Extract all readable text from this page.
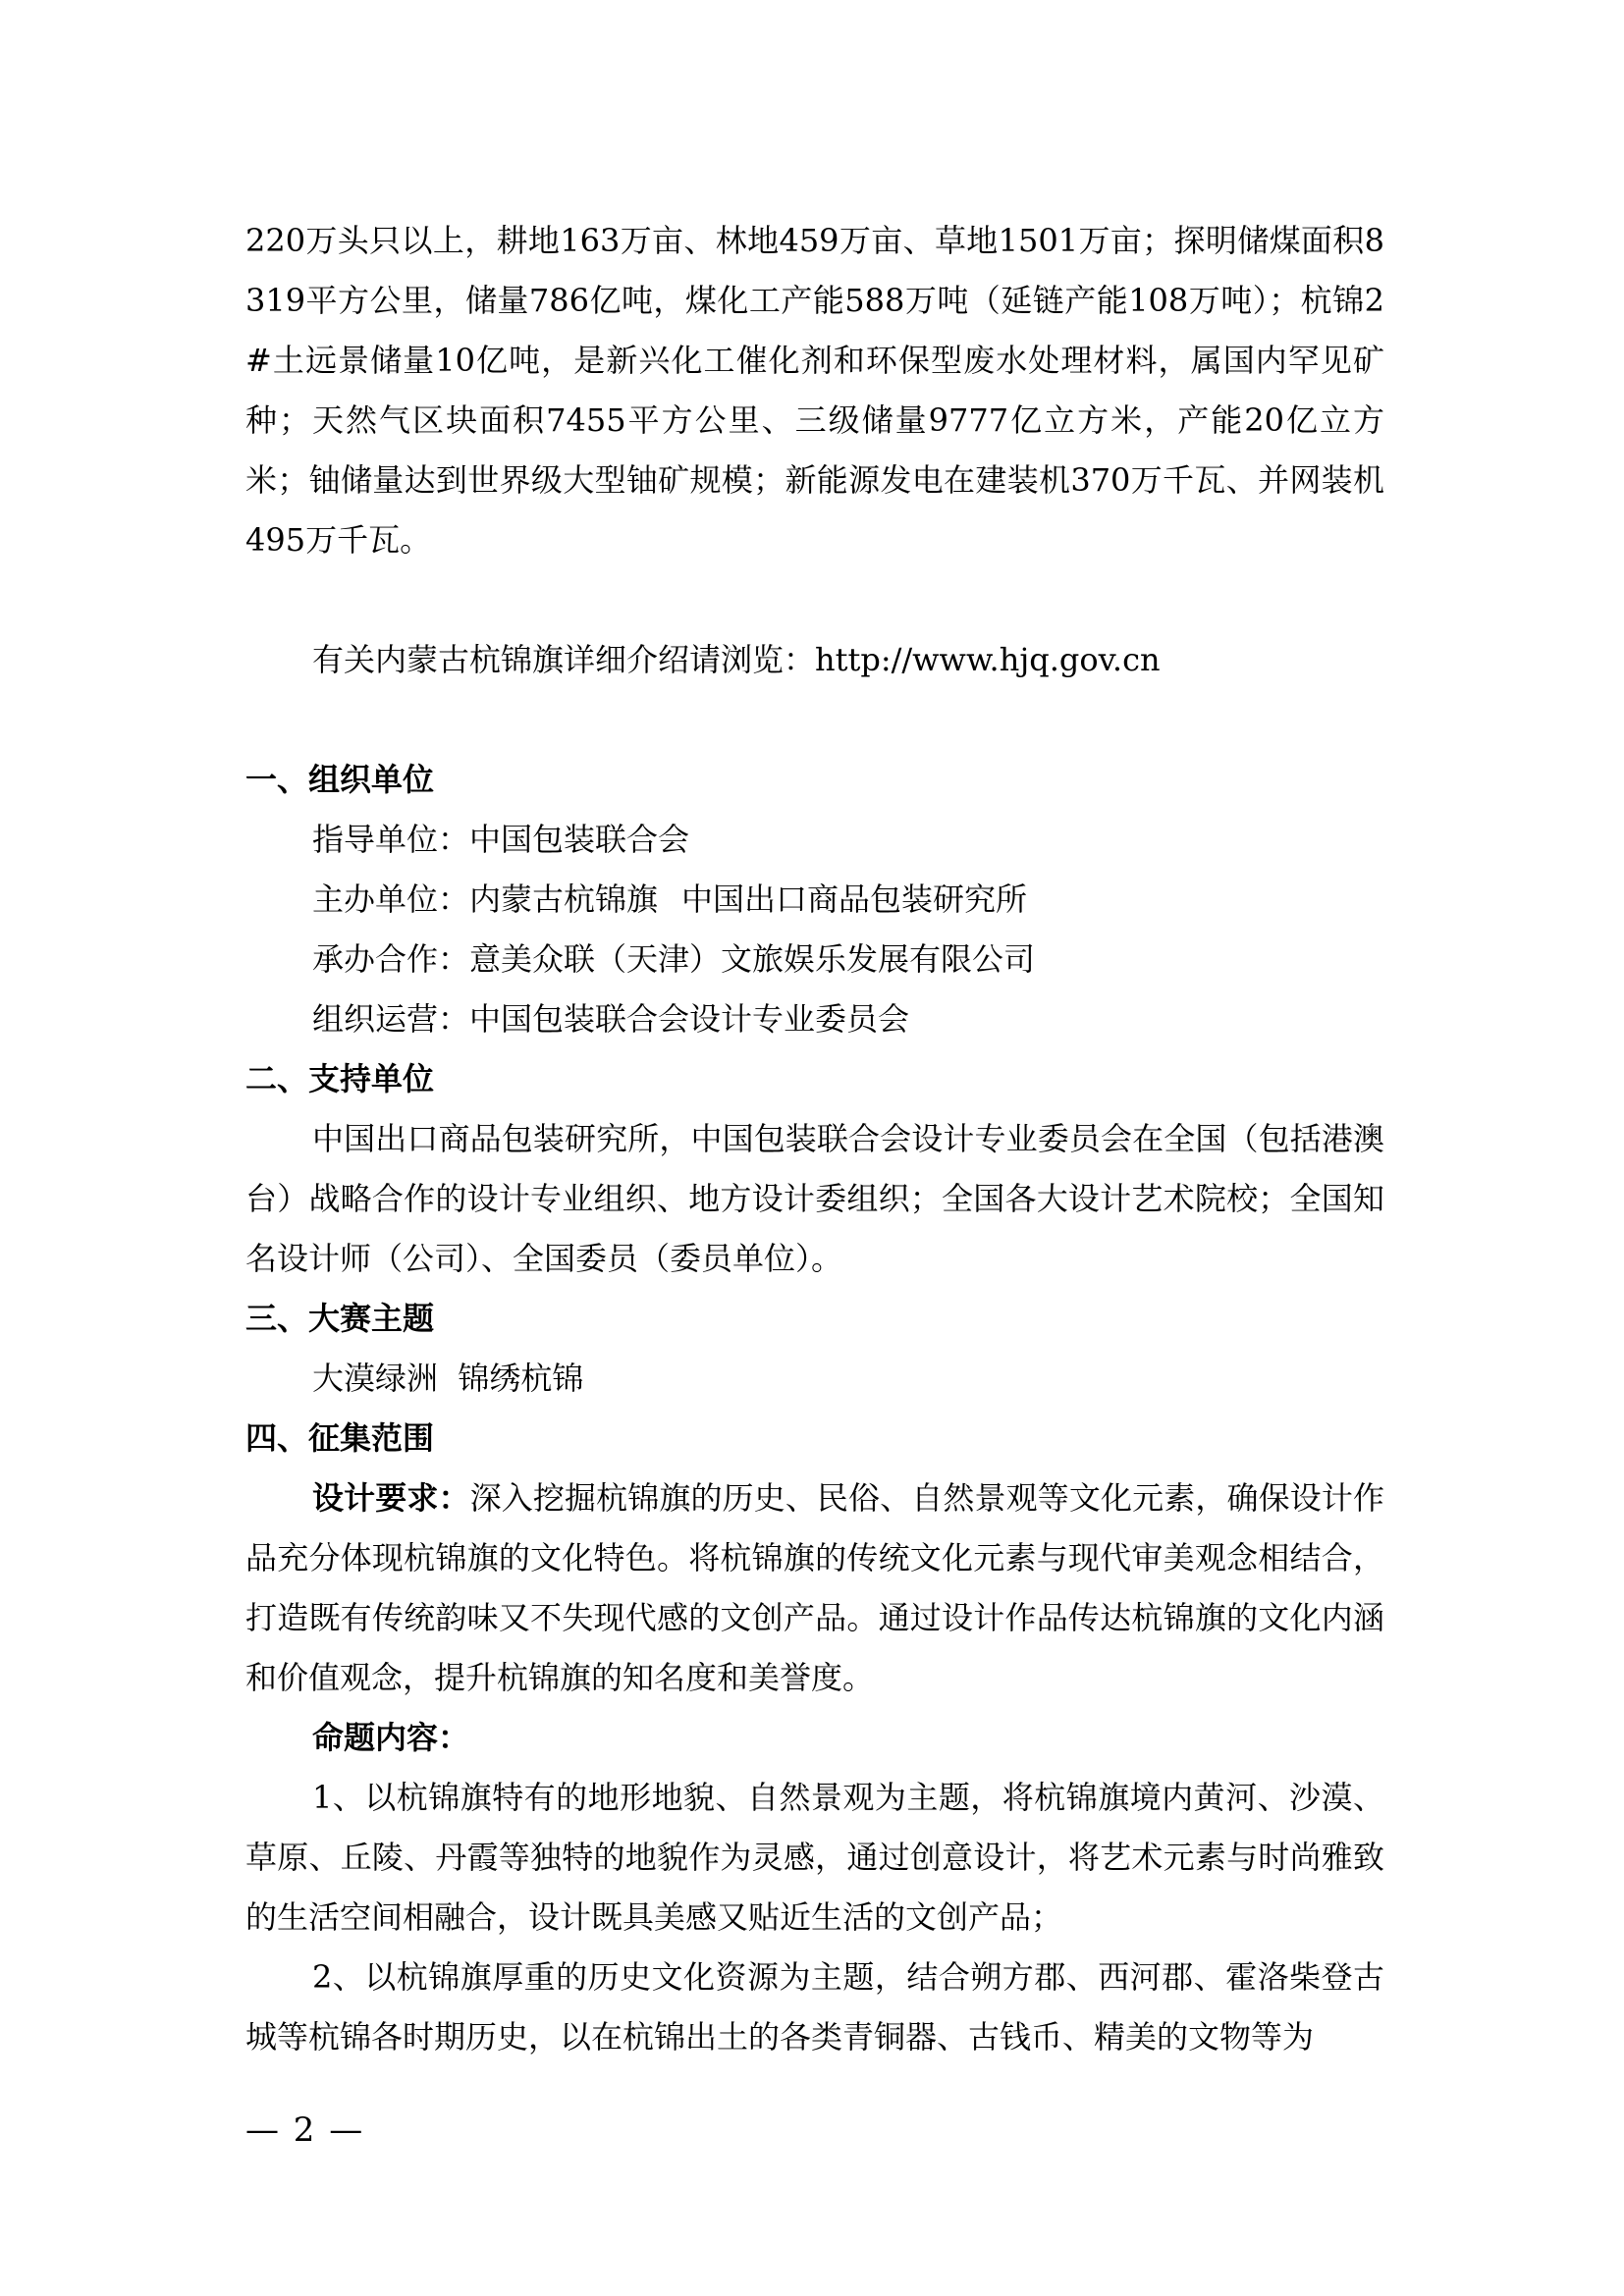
220万头只以上，耕地163万亩、林地459万亩、草地1501万亩；探明储煤面积8319平方公里，储量786亿吨，煤化工产能588万吨（延链产能108万吨）；杭锦2#土远景储量10亿吨，是新兴化工催化剂和环保型废水处理材料，属国内罕见矿种；天然气区块面积7455平方公里、三级储量9777亿立方米，产能20亿立方米；铀储量达到世界级大型铀矿规模；新能源发电在建装机370万千瓦、并网装机495万千瓦。

有关内蒙古杭锦旗详细介绍请浏览：http://www.hjq.gov.cn

一、组织单位

指导单位：中国包装联合会

主办单位：内蒙古杭锦旗 中国出口商品包装研究所

承办合作：意美众联（天津）文旅娱乐发展有限公司

组织运营：中国包装联合会设计专业委员会

二、支持单位

中国出口商品包装研究所，中国包装联合会设计专业委员会在全国（包括港澳台）战略合作的设计专业组织、地方设计委组织；全国各大设计艺术院校；全国知名设计师（公司）、全国委员（委员单位）。

三、大赛主题

大漠绿洲  锦绣杭锦

四、征集范围

设计要求：深入挖掘杭锦旗的历史、民俗、自然景观等文化元素，确保设计作品充分体现杭锦旗的文化特色。将杭锦旗的传统文化元素与现代审美观念相结合，打造既有传统韵味又不失现代感的文创产品。通过设计作品传达杭锦旗的文化内涵和价值观念，提升杭锦旗的知名度和美誉度。

命题内容：

1、以杭锦旗特有的地形地貌、自然景观为主题，将杭锦旗境内黄河、沙漠、草原、丘陵、丹霞等独特的地貌作为灵感，通过创意设计，将艺术元素与时尚雅致的生活空间相融合，设计既具美感又贴近生活的文创产品；

2、以杭锦旗厚重的历史文化资源为主题，结合朔方郡、西河郡、霍洛柴登古城等杭锦各时期历史，以在杭锦出土的各类青铜器、古钱币、精美的文物等为

— 2 —
